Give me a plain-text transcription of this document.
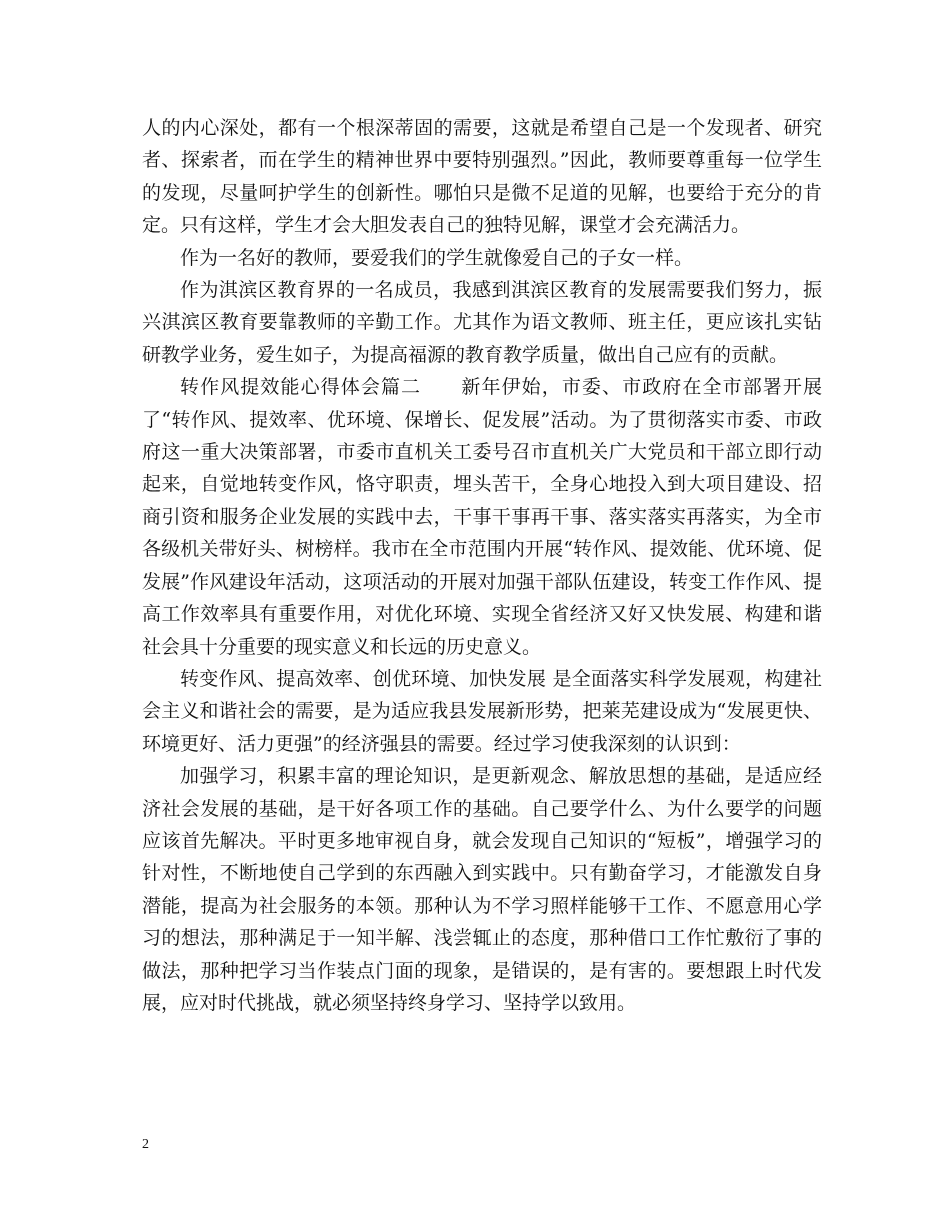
人的内心深处，都有一个根深蒂固的需要，这就是希望自己是一个发现者、研究者、探索者，而在学生的精神世界中要特别强烈。”因此，教师要尊重每一位学生的发现，尽量呵护学生的创新性。哪怕只是微不足道的见解，也要给于充分的肯定。只有这样，学生才会大胆发表自己的独特见解，课堂才会充满活力。

作为一名好的教师，要爱我们的学生就像爱自己的子女一样。

作为淇滨区教育界的一名成员，我感到淇滨区教育的发展需要我们努力，振兴淇滨区教育要靠教师的辛勤工作。尤其作为语文教师、班主任，更应该扎实钻研教学业务，爱生如子，为提高福源的教育教学质量，做出自己应有的贡献。

转作风提效能心得体会篇二　　新年伊始，市委、市政府在全市部署开展了“转作风、提效率、优环境、保增长、促发展”活动。为了贯彻落实市委、市政府这一重大决策部署，市委市直机关工委号召市直机关广大党员和干部立即行动起来，自觉地转变作风，恪守职责，埋头苦干，全身心地投入到大项目建设、招商引资和服务企业发展的实践中去，干事干事再干事、落实落实再落实，为全市各级机关带好头、树榜样。我市在全市范围内开展“转作风、提效能、优环境、促发展”作风建设年活动，这项活动的开展对加强干部队伍建设，转变工作作风、提高工作效率具有重要作用，对优化环境、实现全省经济又好又快发展、构建和谐社会具十分重要的现实意义和长远的历史意义。

转变作风、提高效率、创优环境、加快发展 是全面落实科学发展观，构建社会主义和谐社会的需要，是为适应我县发展新形势，把莱芜建设成为“发展更快、环境更好、活力更强”的经济强县的需要。经过学习使我深刻的认识到：

加强学习，积累丰富的理论知识，是更新观念、解放思想的基础，是适应经济社会发展的基础，是干好各项工作的基础。自己要学什么、为什么要学的问题应该首先解决。平时更多地审视自身，就会发现自己知识的“短板”，增强学习的针对性，不断地使自己学到的东西融入到实践中。只有勤奋学习，才能激发自身潜能，提高为社会服务的本领。那种认为不学习照样能够干工作、不愿意用心学习的想法，那种满足于一知半解、浅尝辄止的态度，那种借口工作忙敷衍了事的做法，那种把学习当作装点门面的现象，是错误的，是有害的。要想跟上时代发展，应对时代挑战，就必须坚持终身学习、坚持学以致用。

2
